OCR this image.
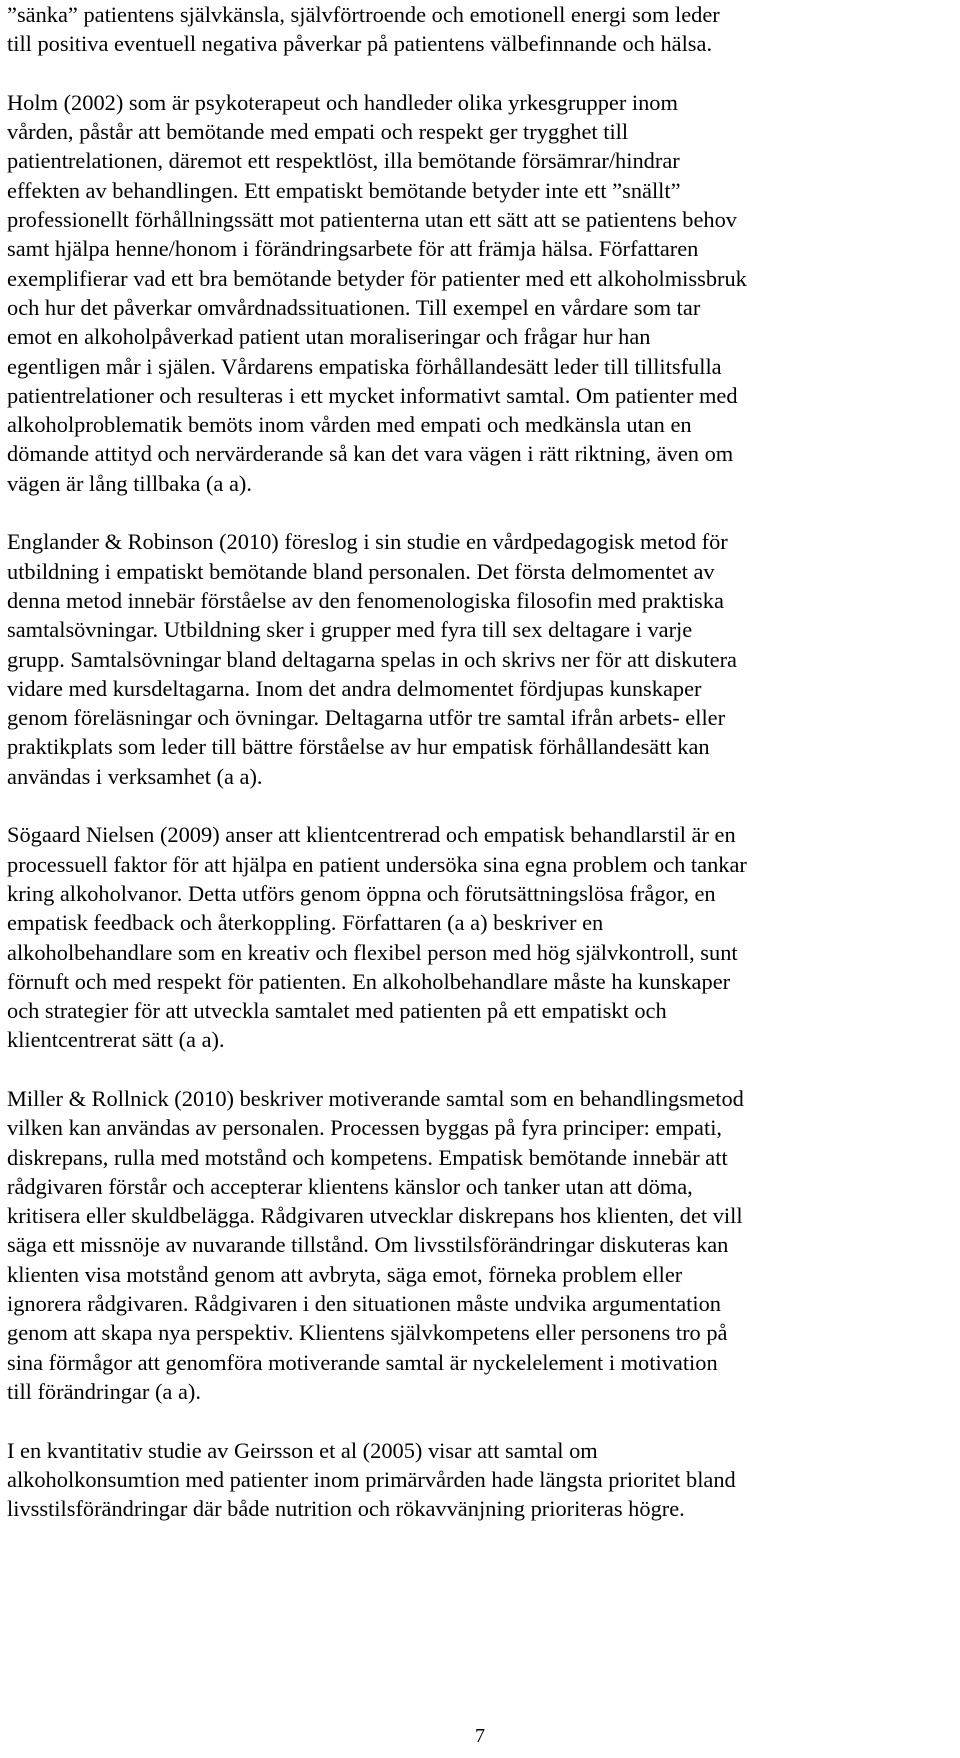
”sänka” patientens självkänsla, självförtroende och emotionell energi som leder
till positiva eventuell negativa påverkar på patientens välbefinnande och hälsa.
Holm (2002) som är psykoterapeut och handleder olika yrkesgrupper inom
vården, påstår att bemötande med empati och respekt ger trygghet till
patientrelationen, däremot ett respektlöst, illa bemötande försämrar/hindrar
effekten av behandlingen. Ett empatiskt bemötande betyder inte ett ”snällt”
professionellt förhållningssätt mot patienterna utan ett sätt att se patientens behov
samt hjälpa henne/honom i förändringsarbete för att främja hälsa. Författaren
exemplifierar vad ett bra bemötande betyder för patienter med ett alkoholmissbruk
och hur det påverkar omvårdnadssituationen. Till exempel en vårdare som tar
emot en alkoholpåverkad patient utan moraliseringar och frågar hur han
egentligen mår i själen. Vårdarens empatiska förhållandesätt leder till tillitsfulla
patientrelationer och resulteras i ett mycket informativt samtal. Om patienter med
alkoholproblematik bemöts inom vården med empati och medkänsla utan en
dömande attityd och nervärderande så kan det vara vägen i rätt riktning, även om
vägen är lång tillbaka (a a).
Englander & Robinson (2010) föreslog i sin studie en vårdpedagogisk metod för
utbildning i empatiskt bemötande bland personalen. Det första delmomentet av
denna metod innebär förståelse av den fenomenologiska filosofin med praktiska
samtalsövningar. Utbildning sker i grupper med fyra till sex deltagare i varje
grupp. Samtalsövningar bland deltagarna spelas in och skrivs ner för att diskutera
vidare med kursdeltagarna. Inom det andra delmomentet fördjupas kunskaper
genom föreläsningar och övningar. Deltagarna utför tre samtal ifrån arbets- eller
praktikplats som leder till bättre förståelse av hur empatisk förhållandesätt kan
användas i verksamhet (a a).
Sögaard Nielsen (2009) anser att klientcentrerad och empatisk behandlarstil är en
processuell faktor för att hjälpa en patient undersöka sina egna problem och tankar
kring alkoholvanor. Detta utförs genom öppna och förutsättningslösa frågor, en
empatisk feedback och återkoppling. Författaren (a a) beskriver en
alkoholbehandlare som en kreativ och flexibel person med hög självkontroll, sunt
förnuft och med respekt för patienten. En alkoholbehandlare måste ha kunskaper
och strategier för att utveckla samtalet med patienten på ett empatiskt och
klientcentrerat sätt (a a).
Miller & Rollnick (2010) beskriver motiverande samtal som en behandlingsmetod
vilken kan användas av personalen. Processen byggas på fyra principer: empati,
diskrepans, rulla med motstånd och kompetens. Empatisk bemötande innebär att
rådgivaren förstår och accepterar klientens känslor och tanker utan att döma,
kritisera eller skuldbelägga. Rådgivaren utvecklar diskrepans hos klienten, det vill
säga ett missnöje av nuvarande tillstånd. Om livsstilsförändringar diskuteras kan
klienten visa motstånd genom att avbryta, säga emot, förneka problem eller
ignorera rådgivaren. Rådgivaren i den situationen måste undvika argumentation
genom att skapa nya perspektiv. Klientens självkompetens eller personens tro på
sina förmågor att genomföra motiverande samtal är nyckelelement i motivation
till förändringar (a a).
I en kvantitativ studie av Geirsson et al (2005) visar att samtal om
alkoholkonsumtion med patienter inom primärvården hade längsta prioritet bland
livsstilsförändringar där både nutrition och rökavvänjning prioriteras högre.
7
